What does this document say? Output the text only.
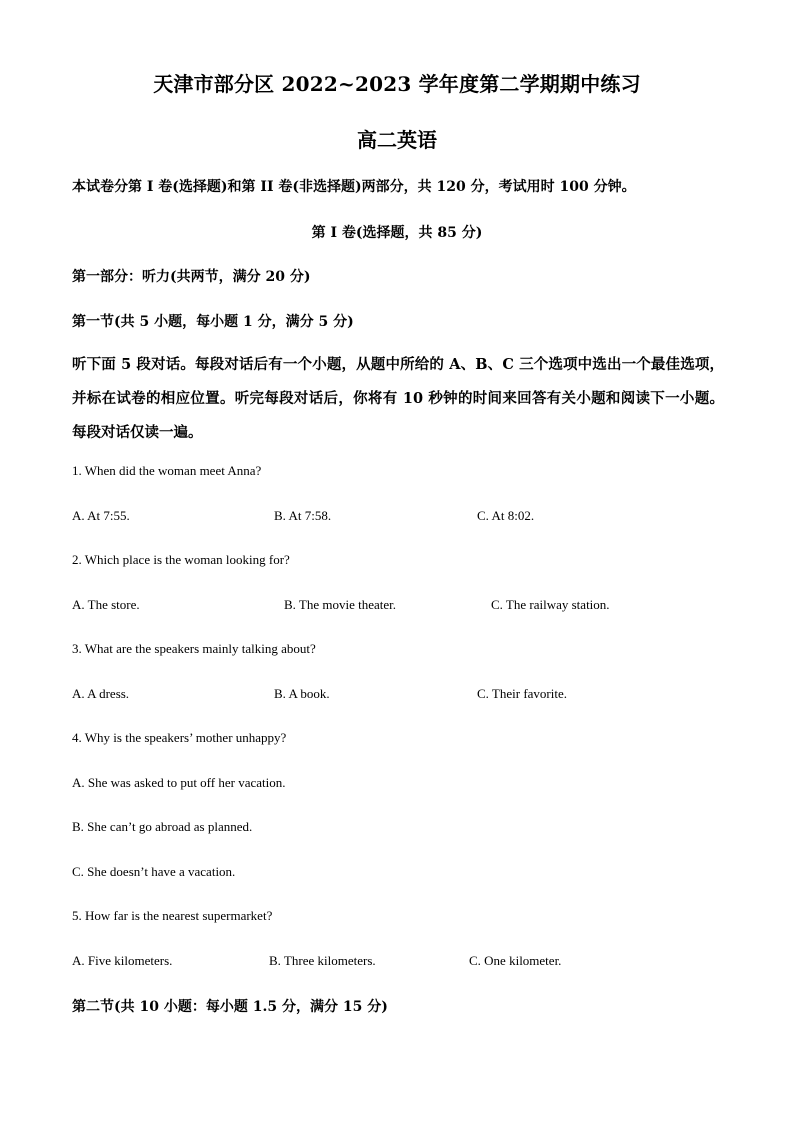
天津市部分区 2022~2023 学年度第二学期期中练习
高二英语
本试卷分第 I 卷(选择题)和第 II 卷(非选择题)两部分，共 120 分，考试用时 100 分钟。
第 I 卷(选择题，共 85 分)
第一部分：听力(共两节，满分 20 分)
第一节(共 5 小题，每小题 1 分，满分 5 分)
听下面 5 段对话。每段对话后有一个小题，从题中所给的 A、B、C 三个选项中选出一个最佳选项，并标在试卷的相应位置。听完每段对话后，你将有 10 秒钟的时间来回答有关小题和阅读下一小题。每段对话仅读一遍。
1. When did the woman meet Anna?
A. At 7:55.	B. At 7:58.	C. At 8:02.
2. Which place is the woman looking for?
A. The store.	B. The movie theater.	C. The railway station.
3. What are the speakers mainly talking about?
A. A dress.	B. A book.	C. Their favorite.
4. Why is the speakers’ mother unhappy?
A. She was asked to put off her vacation.
B. She can’t go abroad as planned.
C. She doesn’t have a vacation.
5. How far is the nearest supermarket?
A. Five kilometers.	B. Three kilometers.	C. One kilometer.
第二节(共 10 小题：每小题 1.5 分，满分 15 分)
